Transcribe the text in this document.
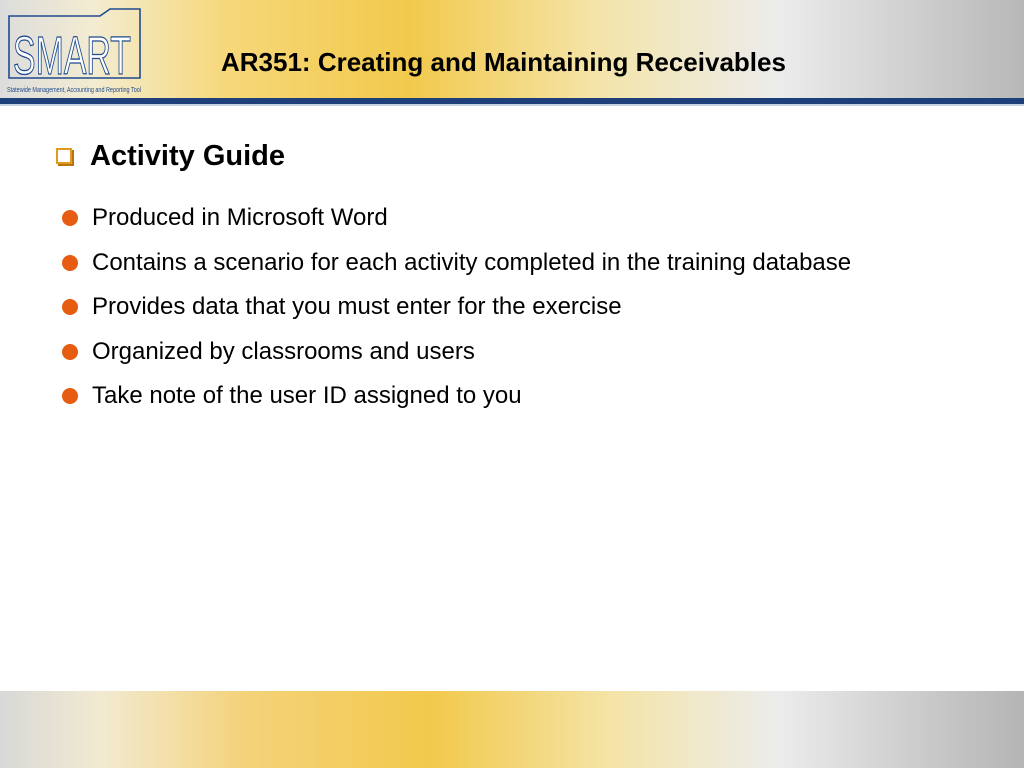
SMART
Statewide Management, Accounting and Reporting Tool
AR351: Creating and Maintaining Receivables
Activity Guide
Produced in Microsoft Word
Contains a scenario for each activity completed in the training database
Provides data that you must enter for the exercise
Organized by classrooms and users
Take note of the user ID assigned to you
